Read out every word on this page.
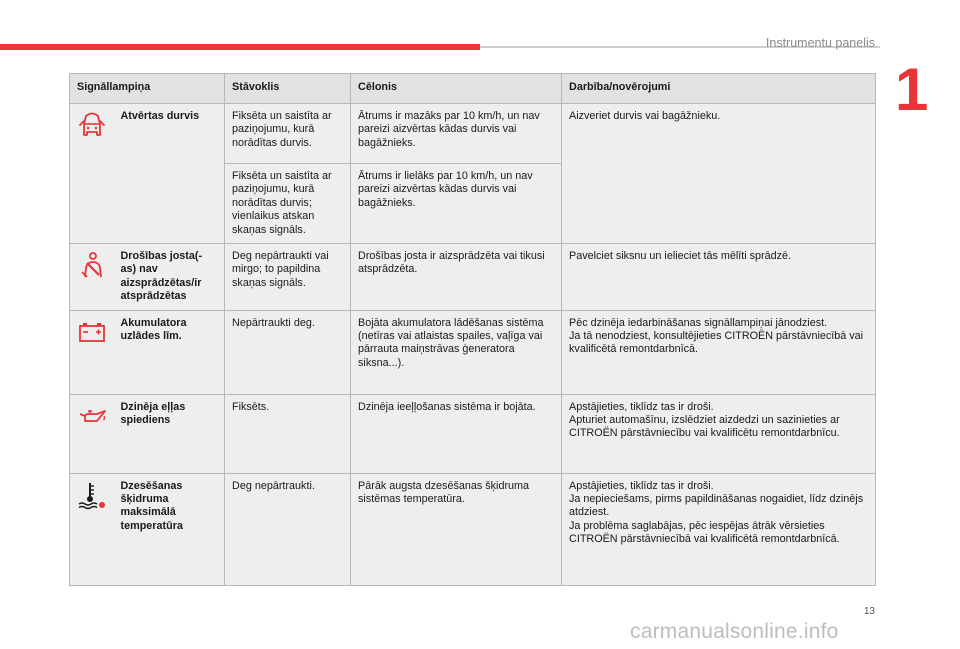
Instrumentu panelis
1
Signāllampiņa		Stāvoklis	Cēlonis	Darbība/novērojumi
	Atvērtas durvis	Fiksēta un saistīta ar paziņojumu, kurā norādītas durvis.	Ātrums ir mazāks par 10 km/h, un nav pareizi aizvērtas kādas durvis vai bagāžnieks.	Aizveriet durvis vai bagāžnieku.
		Fiksēta un saistīta ar paziņojumu, kurā norādītas durvis; vienlaikus atskan skaņas signāls.	Ātrums ir lielāks par 10 km/h, un nav pareizi aizvērtas kādas durvis vai bagāžnieks.	
	Drošības josta(-as) nav aizsprādzētas/ir atsprādzētas	Deg nepārtraukti vai mirgo; to papildina skaņas signāls.	Drošības josta ir aizsprādzēta vai tikusi atsprādzēta.	Pavelciet siksnu un ielieciet tās mēlīti sprādzē.
	Akumulatora uzlādes līm.	Nepārtraukti deg.	Bojāta akumulatora lādēšanas sistēma (netīras vai atlaistas spailes, vaļīga vai pārrauta maiņstrāvas ģeneratora siksna...).	Pēc dzinēja iedarbināšanas signāllampiņai jānodziest.
Ja tā nenodziest, konsultējieties CITROËN pārstāvniecībā vai kvalificētā remontdarbnīcā.
	Dzinēja eļļas spiediens	Fiksēts.	Dzinēja ieeļļošanas sistēma ir bojāta.	Apstājieties, tiklīdz tas ir droši.
Apturiet automašīnu, izslēdziet aizdedzi un sazinieties ar CITROËN pārstāvniecību vai kvalificētu remontdarbnīcu.
	Dzesēšanas šķidruma maksimālā temperatūra	Deg nepārtraukti.	Pārāk augsta dzesēšanas šķidruma sistēmas temperatūra.	Apstājieties, tiklīdz tas ir droši.
Ja nepieciešams, pirms papildināšanas nogaidiet, līdz dzinējs atdziest.
Ja problēma saglabājas, pēc iespējas ātrāk vērsieties CITROËN pārstāvniecībā vai kvalificētā remontdarbnīcā.
13
carmanualsonline.info
